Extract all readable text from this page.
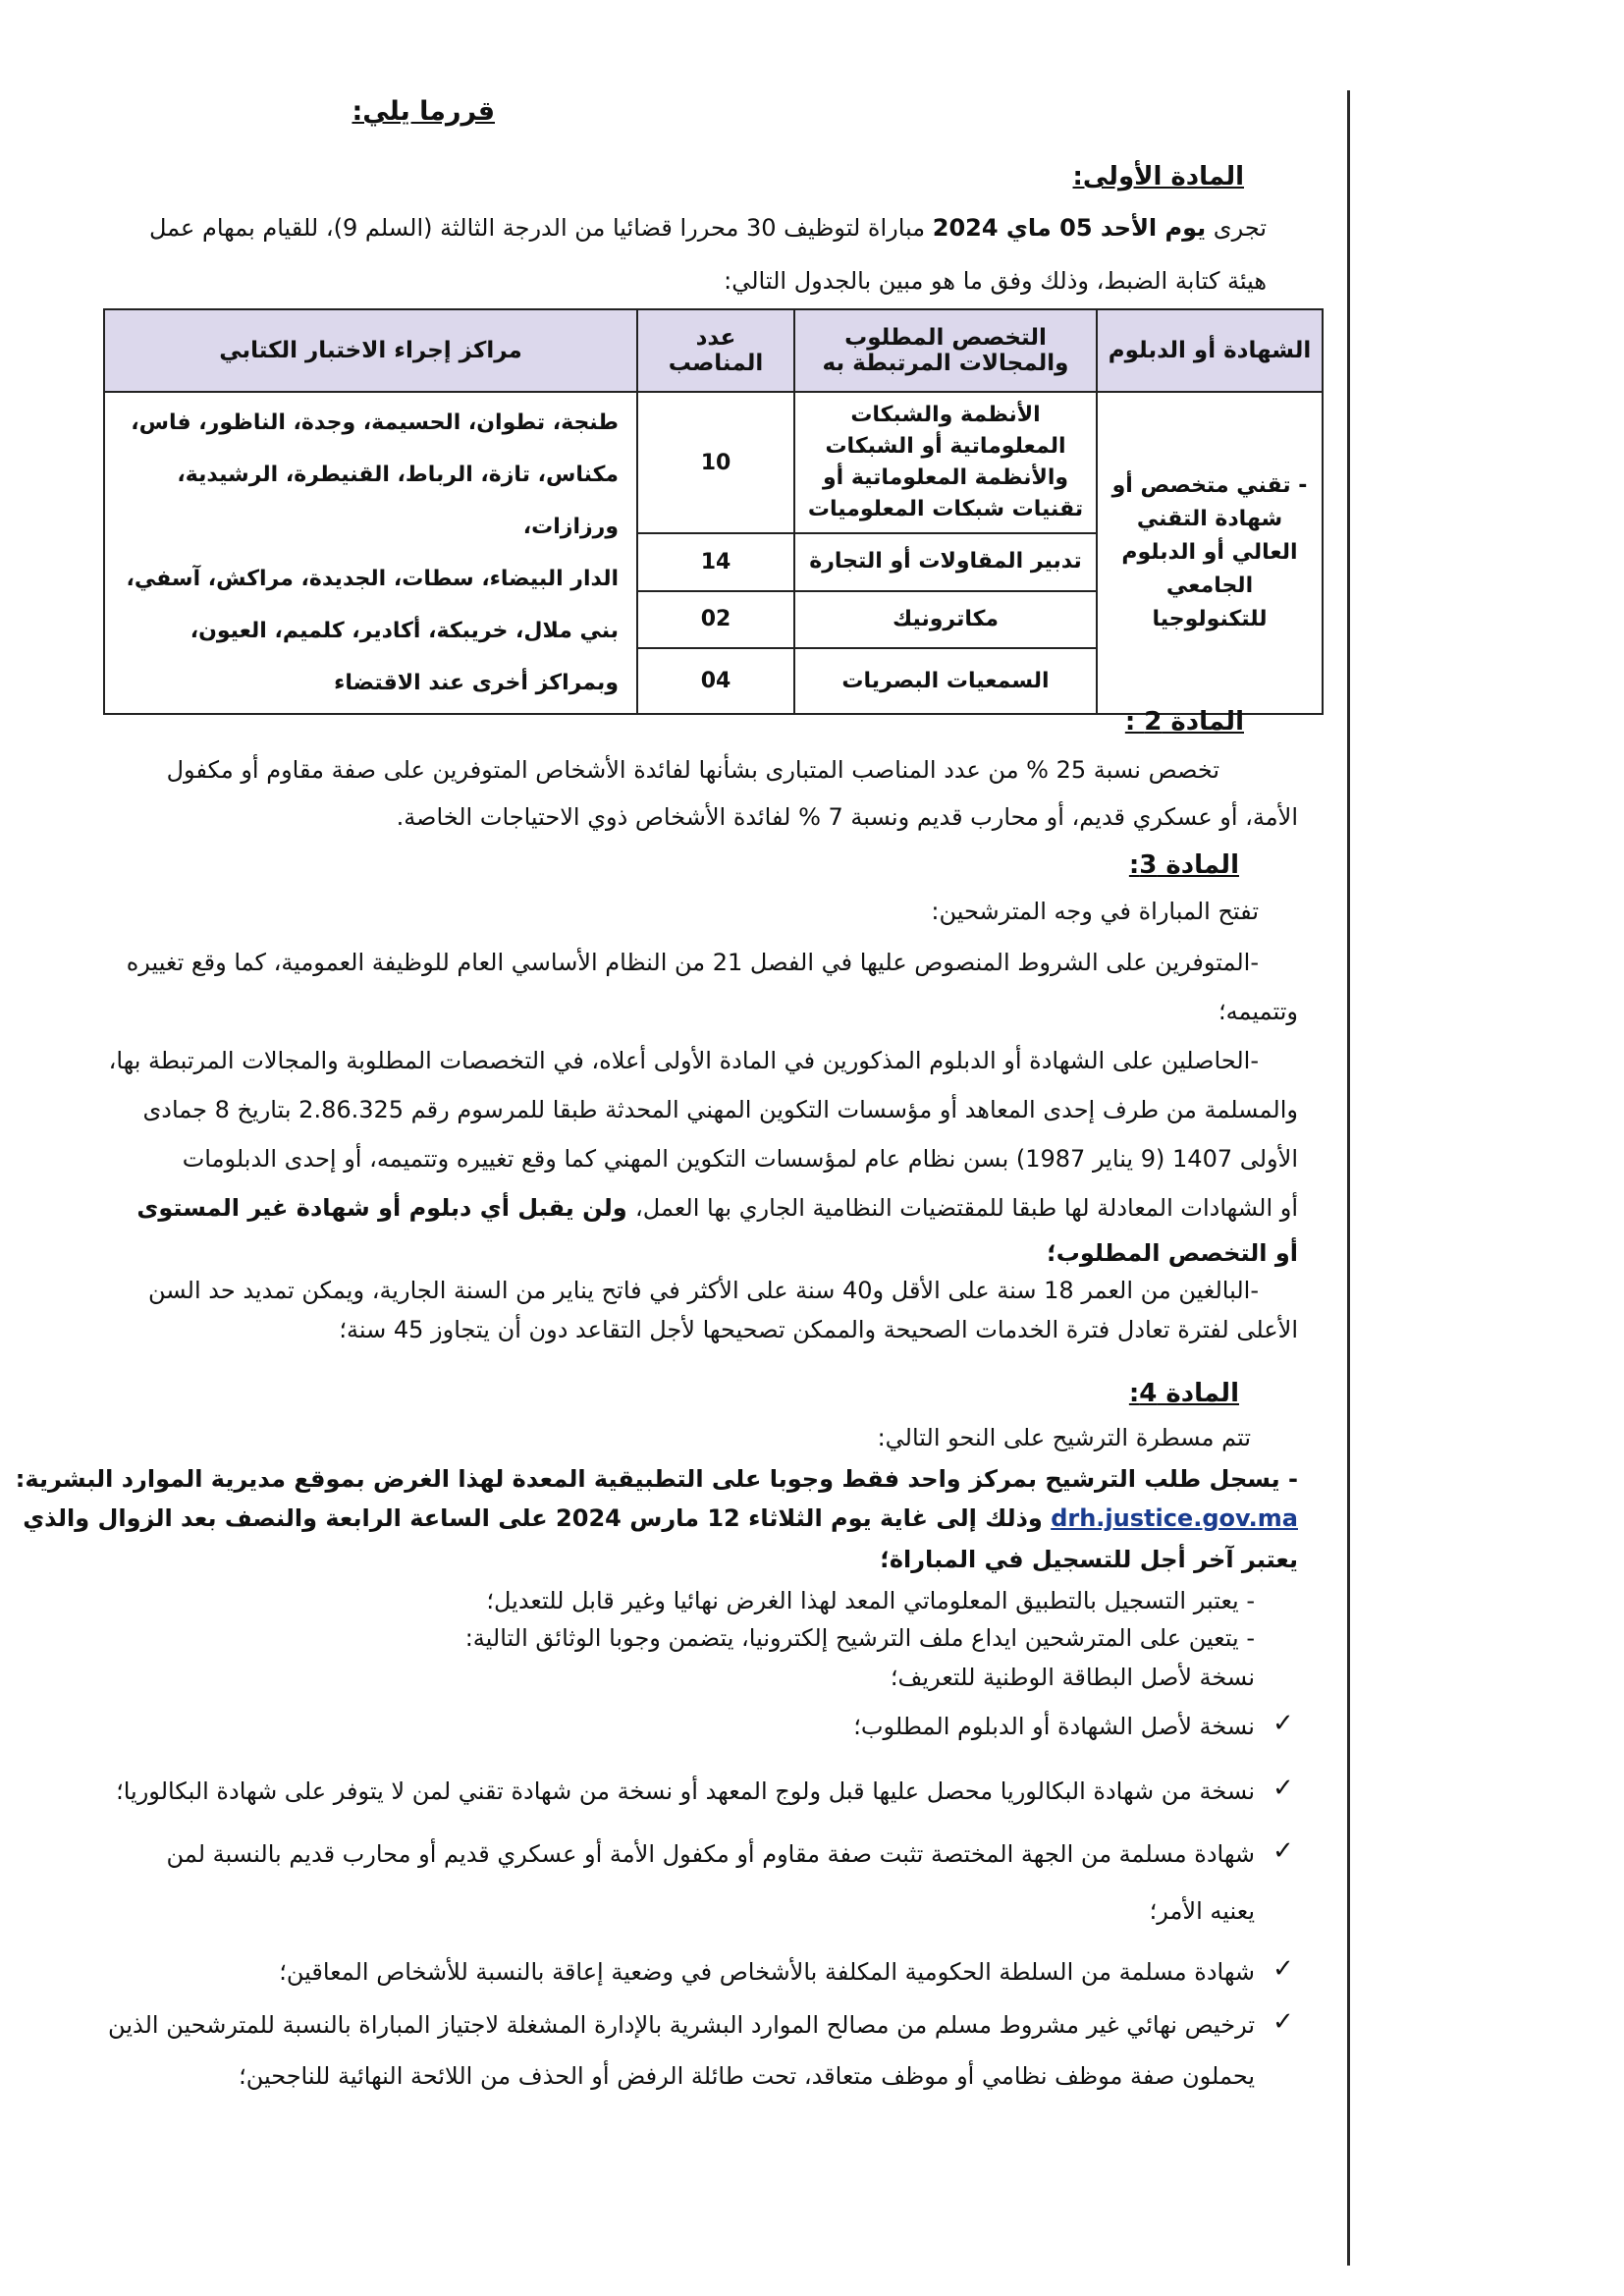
قررما يلي:
المادة الأولى:
تجرى يوم الأحد 05 ماي 2024 مباراة لتوظيف 30 محررا قضائيا من الدرجة الثالثة (السلم 9)، للقيام بمهام عمل
هيئة كتابة الضبط، وذلك وفق ما هو مبين بالجدول التالي:
الشهادة أو الدبلوم	التخصص المطلوب والمجالات المرتبطة به	عدد المناصب	مراكز إجراء الاختبار الكتابي
- تقني متخصص أو شهادة التقني العالي أو الدبلوم الجامعي للتكنولوجيا	الأنظمة والشبكات المعلوماتية أو الشبكات والأنظمة المعلوماتية أو تقنيات شبكات المعلوميات	10	طنجة، تطوان، الحسيمة، وجدة، الناظور، فاس،
مكناس، تازة، الرباط، القنيطرة، الرشيدية، ورزازات،
الدار البيضاء، سطات، الجديدة، مراكش، آسفي،
بني ملال، خريبكة، أكادير، كلميم، العيون،
وبمراكز أخرى عند الاقتضاء

	تدبير المقاولات أو التجارة	14	
	مكاترونيك	02	
	السمعيات البصريات	04	
المادة 2 :
تخصص نسبة 25 % من عدد المناصب المتبارى بشأنها لفائدة الأشخاص المتوفرين على صفة مقاوم أو مكفول
الأمة، أو عسكري قديم، أو محارب قديم ونسبة 7 % لفائدة الأشخاص ذوي الاحتياجات الخاصة.
المادة 3:
تفتح المباراة في وجه المترشحين:
-المتوفرين على الشروط المنصوص عليها في الفصل 21 من النظام الأساسي العام للوظيفة العمومية، كما وقع تغييره
وتتميمه؛
-الحاصلين على الشهادة أو الدبلوم المذكورين في المادة الأولى أعلاه، في التخصصات المطلوبة والمجالات المرتبطة بها،
والمسلمة من طرف إحدى المعاهد أو مؤسسات التكوين المهني المحدثة طبقا للمرسوم رقم 2.86.325 بتاريخ 8 جمادى
الأولى 1407 (9 يناير 1987) بسن نظام عام لمؤسسات التكوين المهني كما وقع تغييره وتتميمه، أو إحدى الدبلومات
أو الشهادات المعادلة لها طبقا للمقتضيات النظامية الجاري بها العمل، ولن يقبل أي دبلوم أو شهادة غير المستوى
أو التخصص المطلوب؛
-البالغين من العمر 18 سنة على الأقل و40 سنة على الأكثر في فاتح يناير من السنة الجارية، ويمكن تمديد حد السن
الأعلى لفترة تعادل فترة الخدمات الصحيحة والممكن تصحيحها لأجل التقاعد دون أن يتجاوز 45 سنة؛
المادة 4:
تتم مسطرة الترشيح على النحو التالي:
- يسجل طلب الترشيح بمركز واحد فقط وجوبا على التطبيقية المعدة لهذا الغرض بموقع مديرية الموارد البشرية:
drh.justice.gov.ma وذلك إلى غاية يوم الثلاثاء 12 مارس 2024 على الساعة الرابعة والنصف بعد الزوال والذي
يعتبر آخر أجل للتسجيل في المباراة؛
- يعتبر التسجيل بالتطبيق المعلوماتي المعد لهذا الغرض نهائيا وغير قابل للتعديل؛
- يتعين على المترشحين ايداع ملف الترشيح إلكترونيا، يتضمن وجوبا الوثائق التالية:
نسخة لأصل البطاقة الوطنية للتعريف؛
✓
نسخة لأصل الشهادة أو الدبلوم المطلوب؛
✓
نسخة من شهادة البكالوريا محصل عليها قبل ولوج المعهد أو نسخة من شهادة تقني لمن لا يتوفر على شهادة البكالوريا؛
✓
شهادة مسلمة من الجهة المختصة تثبت صفة مقاوم أو مكفول الأمة أو عسكري قديم أو محارب قديم بالنسبة لمن
يعنيه الأمر؛
✓
شهادة مسلمة من السلطة الحكومية المكلفة بالأشخاص في وضعية إعاقة بالنسبة للأشخاص المعاقين؛
✓
ترخيص نهائي غير مشروط مسلم من مصالح الموارد البشرية بالإدارة المشغلة لاجتياز المباراة بالنسبة للمترشحين الذين
يحملون صفة موظف نظامي أو موظف متعاقد، تحت طائلة الرفض أو الحذف من اللائحة النهائية للناجحين؛
